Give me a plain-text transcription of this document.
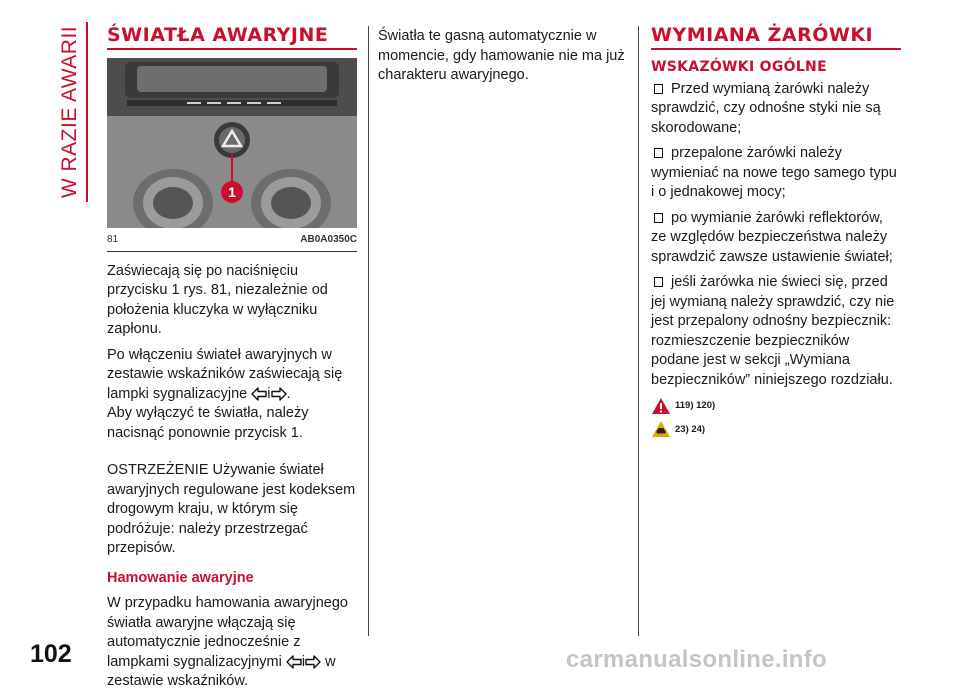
W RAZIE AWARII ŚWIATŁA AWARYJNE
1
81	AB0A0350C

Zaświecają się po naciśnięciu przycisku 1 rys. 81, niezależnie od położenia kluczyka w wyłączniku zapłonu.

Po włączeniu świateł awaryjnych w zestawie wskaźników zaświecają się lampki sygnalizacyjne i .

Aby wyłączyć te światła, należy nacisnąć ponownie przycisk 1.

OSTRZEŻENIE Używanie świateł awaryjnych regulowane jest kodeksem drogowym kraju, w którym się podróżuje: należy przestrzegać przepisów.

Hamowanie awaryjne

W przypadku hamowania awaryjnego światła awaryjne włączają się automatycznie jednocześnie z lampkami sygnalizacyjnymi i w zestawie wskaźników.

Światła te gasną automatycznie w momencie, gdy hamowanie nie ma już charakteru awaryjnego.

WYMIANA ŻARÓWKI
WSKAZÓWKI OGÓLNE

Przed wymianą żarówki należy sprawdzić, czy odnośne styki nie są skorodowane;

przepalone żarówki należy wymieniać na nowe tego samego typu i o jednakowej mocy;

po wymianie żarówki reflektorów, ze względów bezpieczeństwa należy sprawdzić zawsze ustawienie świateł;

jeśli żarówka nie świeci się, przed jej wymianą należy sprawdzić, czy nie jest przepalony odnośny bezpiecznik: rozmieszczenie bezpieczników podane jest w sekcji „Wymiana bezpieczników” niniejszego rozdziału.

119) 120)
23) 24)
102	carmanualsonline.info
